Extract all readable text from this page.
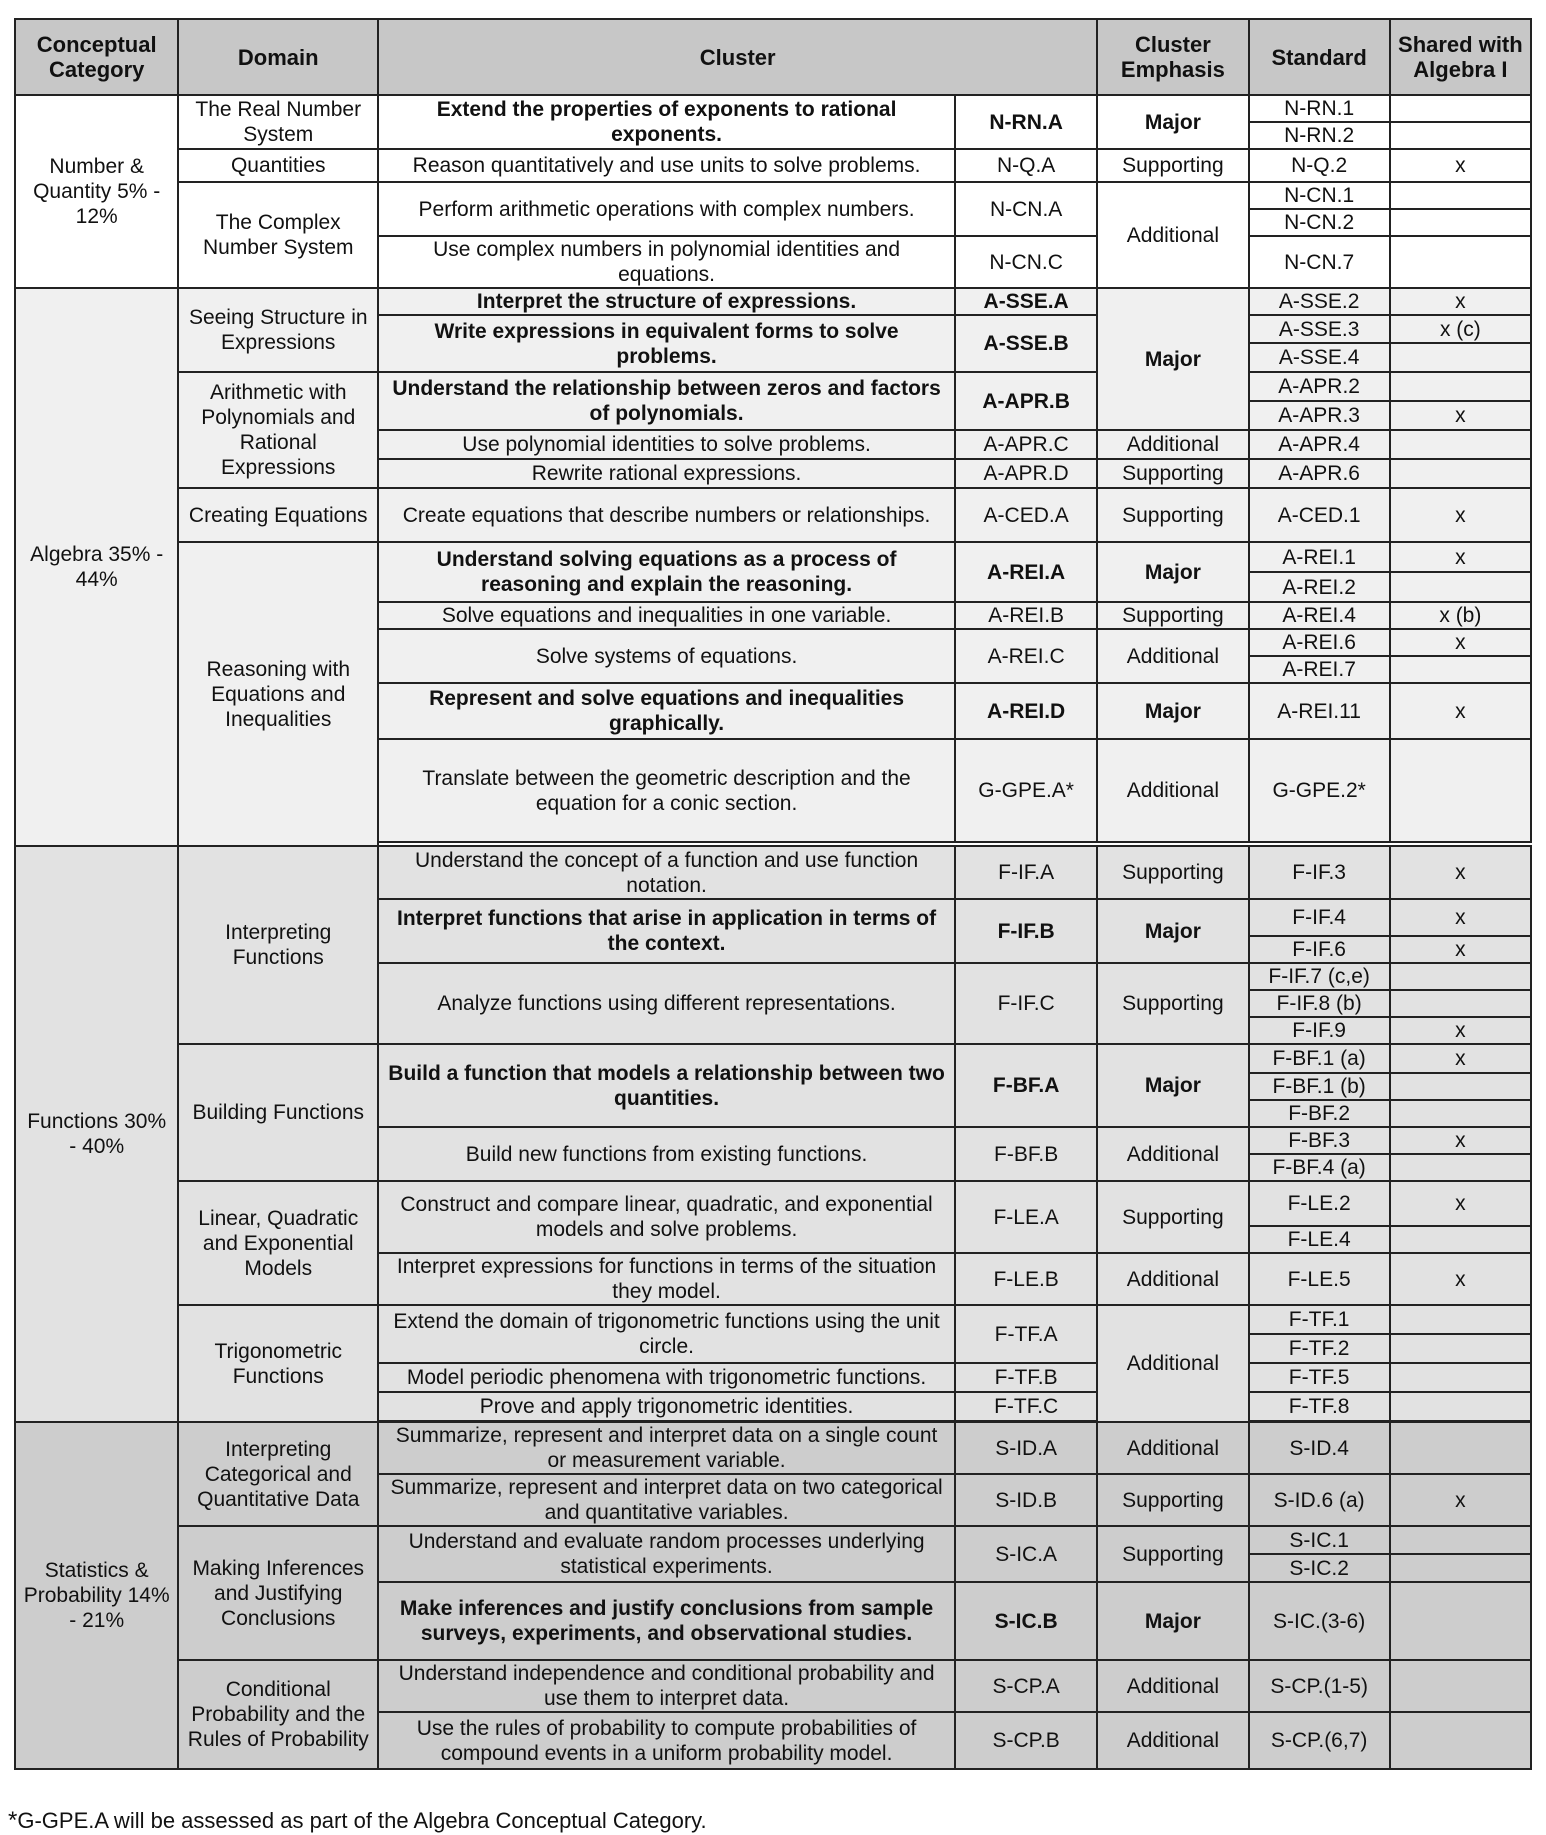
Conceptual Category	Domain	Cluster		Cluster Emphasis	Standard	Shared with Algebra I
Number & Quantity 5% - 12%	The Real Number System	Extend the properties of exponents to rational exponents.	N-RN.A	Major	N-RN.1	
					N-RN.2	
	Quantities	Reason quantitatively and use units to solve problems.	N-Q.A	Supporting	N-Q.2	x
	The Complex Number System	Perform arithmetic operations with complex numbers.	N-CN.A	Additional	N-CN.1	
					N-CN.2	
		Use complex numbers in polynomial identities and equations.	N-CN.C		N-CN.7	

Algebra 35% - 44%	Seeing Structure in Expressions	Interpret the structure of expressions.	A-SSE.A	Major	A-SSE.2	x
		Write expressions in equivalent forms to solve problems.	A-SSE.B		A-SSE.3	x (c)
					A-SSE.4	
	Arithmetic with Polynomials and Rational Expressions	Understand the relationship between zeros and factors of polynomials.	A-APR.B		A-APR.2	
					A-APR.3	x
		Use polynomial identities to solve problems.	A-APR.C	Additional	A-APR.4	
		Rewrite rational expressions.	A-APR.D	Supporting	A-APR.6	
	Creating Equations	Create equations that describe numbers or relationships.	A-CED.A	Supporting	A-CED.1	x
	Reasoning with Equations and Inequalities	Understand solving equations as a process of reasoning and explain the reasoning.	A-REI.A	Major	A-REI.1	x
					A-REI.2	
		Solve equations and inequalities in one variable.	A-REI.B	Supporting	A-REI.4	x (b)
		Solve systems of equations.	A-REI.C	Additional	A-REI.6	x
					A-REI.7	
		Represent and solve equations and inequalities graphically.	A-REI.D	Major	A-REI.11	x
		Translate between the geometric description and the equation for a conic section.	G-GPE.A*	Additional	G-GPE.2*	

Functions 30% - 40%	Interpreting Functions	Understand the concept of a function and use function notation.	F-IF.A	Supporting	F-IF.3	x
		Interpret functions that arise in application in terms of the context.	F-IF.B	Major	F-IF.4	x
					F-IF.6	x
		Analyze functions using different representations.	F-IF.C	Supporting	F-IF.7 (c,e)	
					F-IF.8 (b)	
					F-IF.9	x
	Building Functions	Build a function that models a relationship between two quantities.	F-BF.A	Major	F-BF.1 (a)	x
					F-BF.1 (b)	
					F-BF.2	
		Build new functions from existing functions.	F-BF.B	Additional	F-BF.3	x
					F-BF.4 (a)	
	Linear, Quadratic and Exponential Models	Construct and compare linear, quadratic, and exponential models and solve problems.	F-LE.A	Supporting	F-LE.2	x
					F-LE.4	
		Interpret expressions for functions in terms of the situation they model.	F-LE.B	Additional	F-LE.5	x
	Trigonometric Functions	Extend the domain of trigonometric functions using the unit circle.	F-TF.A	Additional	F-TF.1	
					F-TF.2	
		Model periodic phenomena with trigonometric functions.	F-TF.B		F-TF.5	
		Prove and apply trigonometric identities.	F-TF.C		F-TF.8	

Statistics & Probability 14% - 21%	Interpreting Categorical and Quantitative Data	Summarize, represent and interpret data on a single count or measurement variable.	S-ID.A	Additional	S-ID.4	
		Summarize, represent and interpret data on two categorical and quantitative variables.	S-ID.B	Supporting	S-ID.6 (a)	x
	Making Inferences and Justifying Conclusions	Understand and evaluate random processes underlying statistical experiments.	S-IC.A	Supporting	S-IC.1	
					S-IC.2	
		Make inferences and justify conclusions from sample surveys, experiments, and observational studies.	S-IC.B	Major	S-IC.(3-6)	
	Conditional Probability and the Rules of Probability	Understand independence and conditional probability and use them to interpret data.	S-CP.A	Additional	S-CP.(1-5)	
		Use the rules of probability to compute probabilities of compound events in a uniform probability model.	S-CP.B	Additional	S-CP.(6,7)	

*G-GPE.A will be assessed as part of the Algebra Conceptual Category.
